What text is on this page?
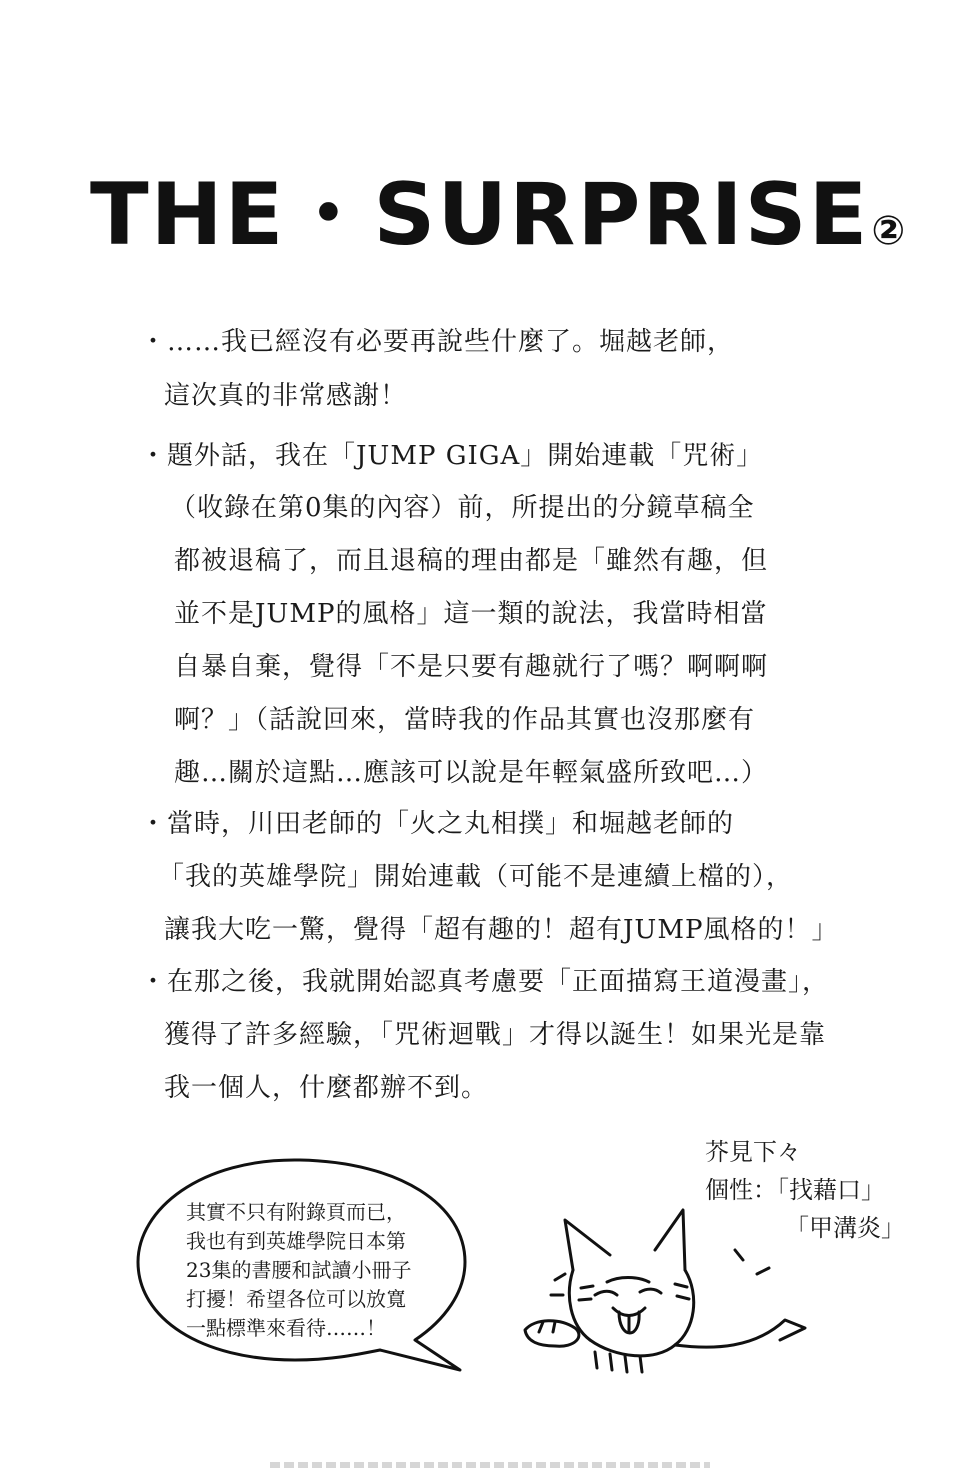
THE・SURPRISE②
・……我已經沒有必要再說些什麼了。堀越老師，
這次真的非常感謝！
・題外話，我在「JUMP GIGA」開始連載「咒術」
（收錄在第0集的內容）前，所提出的分鏡草稿全
都被退稿了，而且退稿的理由都是「雖然有趣，但
並不是JUMP的風格」這一類的說法，我當時相當
自暴自棄，覺得「不是只要有趣就行了嗎？啊啊啊
啊？」（話說回來，當時我的作品其實也沒那麼有
趣…關於這點…應該可以說是年輕氣盛所致吧…）
・當時，川田老師的「火之丸相撲」和堀越老師的
「我的英雄學院」開始連載（可能不是連續上檔的），
讓我大吃一驚，覺得「超有趣的！超有JUMP風格的！」
・在那之後，我就開始認真考慮要「正面描寫王道漫畫」，
獲得了許多經驗，「咒術迴戰」才得以誕生！如果光是靠
我一個人，什麼都辦不到。
芥見下々
個性：「找藉口」
「甲溝炎」
其實不只有附錄頁而已，
我也有到英雄學院日本第
23集的書腰和試讀小冊子
打擾！希望各位可以放寬
一點標準來看待……！
